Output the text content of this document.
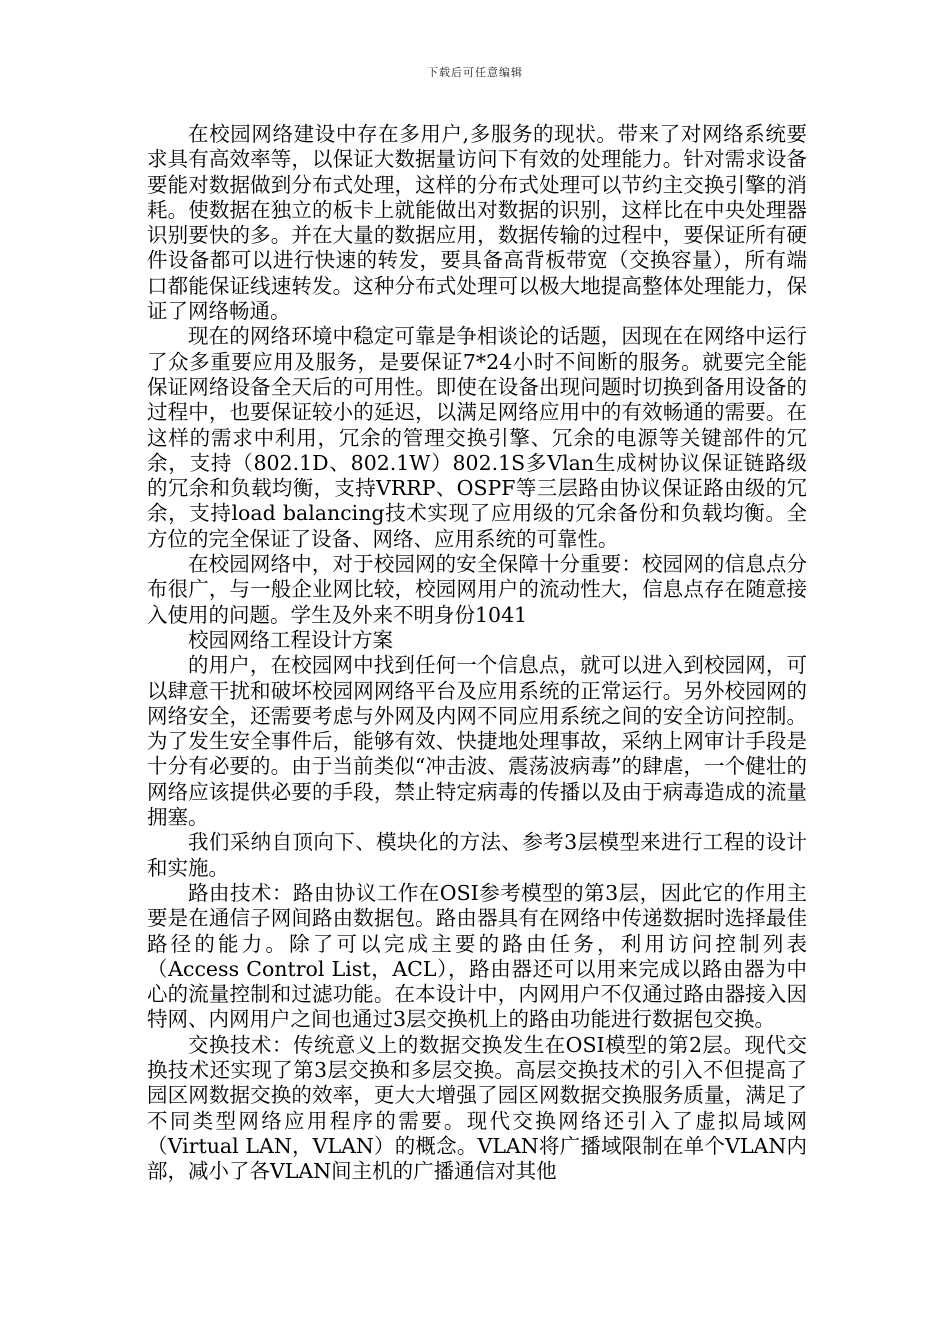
下载后可任意编辑

在校园网络建设中存在多用户,多服务的现状。带来了对网络系统要求具有高效率等，以保证大数据量访问下有效的处理能力。针对需求设备要能对数据做到分布式处理，这样的分布式处理可以节约主交换引擎的消耗。使数据在独立的板卡上就能做出对数据的识别，这样比在中央处理器识别要快的多。并在大量的数据应用，数据传输的过程中，要保证所有硬件设备都可以进行快速的转发，要具备高背板带宽（交换容量），所有端口都能保证线速转发。这种分布式处理可以极大地提高整体处理能力，保证了网络畅通。

现在的网络环境中稳定可靠是争相谈论的话题，因现在在网络中运行了众多重要应用及服务，是要保证7*24小时不间断的服务。就要完全能保证网络设备全天后的可用性。即使在设备出现问题时切换到备用设备的过程中，也要保证较小的延迟，以满足网络应用中的有效畅通的需要。在这样的需求中利用，冗余的管理交换引擎、冗余的电源等关键部件的冗余，支持（802.1D、802.1W）802.1S多Vlan生成树协议保证链路级的冗余和负载均衡，支持VRRP、OSPF等三层路由协议保证路由级的冗余，支持load balancing技术实现了应用级的冗余备份和负载均衡。全方位的完全保证了设备、网络、应用系统的可靠性。

在校园网络中，对于校园网的安全保障十分重要：校园网的信息点分布很广，与一般企业网比较，校园网用户的流动性大，信息点存在随意接入使用的问题。学生及外来不明身份1041

校园网络工程设计方案

的用户，在校园网中找到任何一个信息点，就可以进入到校园网，可以肆意干扰和破坏校园网网络平台及应用系统的正常运行。另外校园网的网络安全，还需要考虑与外网及内网不同应用系统之间的安全访问控制。为了发生安全事件后，能够有效、快捷地处理事故，采纳上网审计手段是十分有必要的。由于当前类似“冲击波、震荡波病毒”的肆虐，一个健壮的网络应该提供必要的手段，禁止特定病毒的传播以及由于病毒造成的流量拥塞。

我们采纳自顶向下、模块化的方法、参考3层模型来进行工程的设计和实施。

路由技术：路由协议工作在OSI参考模型的第3层，因此它的作用主要是在通信子网间路由数据包。路由器具有在网络中传递数据时选择最佳路径的能力。除了可以完成主要的路由任务，利用访问控制列表（Access Control List，ACL），路由器还可以用来完成以路由器为中心的流量控制和过滤功能。在本设计中，内网用户不仅通过路由器接入因特网、内网用户之间也通过3层交换机上的路由功能进行数据包交换。

交换技术：传统意义上的数据交换发生在OSI模型的第2层。现代交换技术还实现了第3层交换和多层交换。高层交换技术的引入不但提高了园区网数据交换的效率，更大大增强了园区网数据交换服务质量，满足了不同类型网络应用程序的需要。现代交换网络还引入了虚拟局域网（Virtual LAN，VLAN）的概念。VLAN将广播域限制在单个VLAN内部，减小了各VLAN间主机的广播通信对其他
